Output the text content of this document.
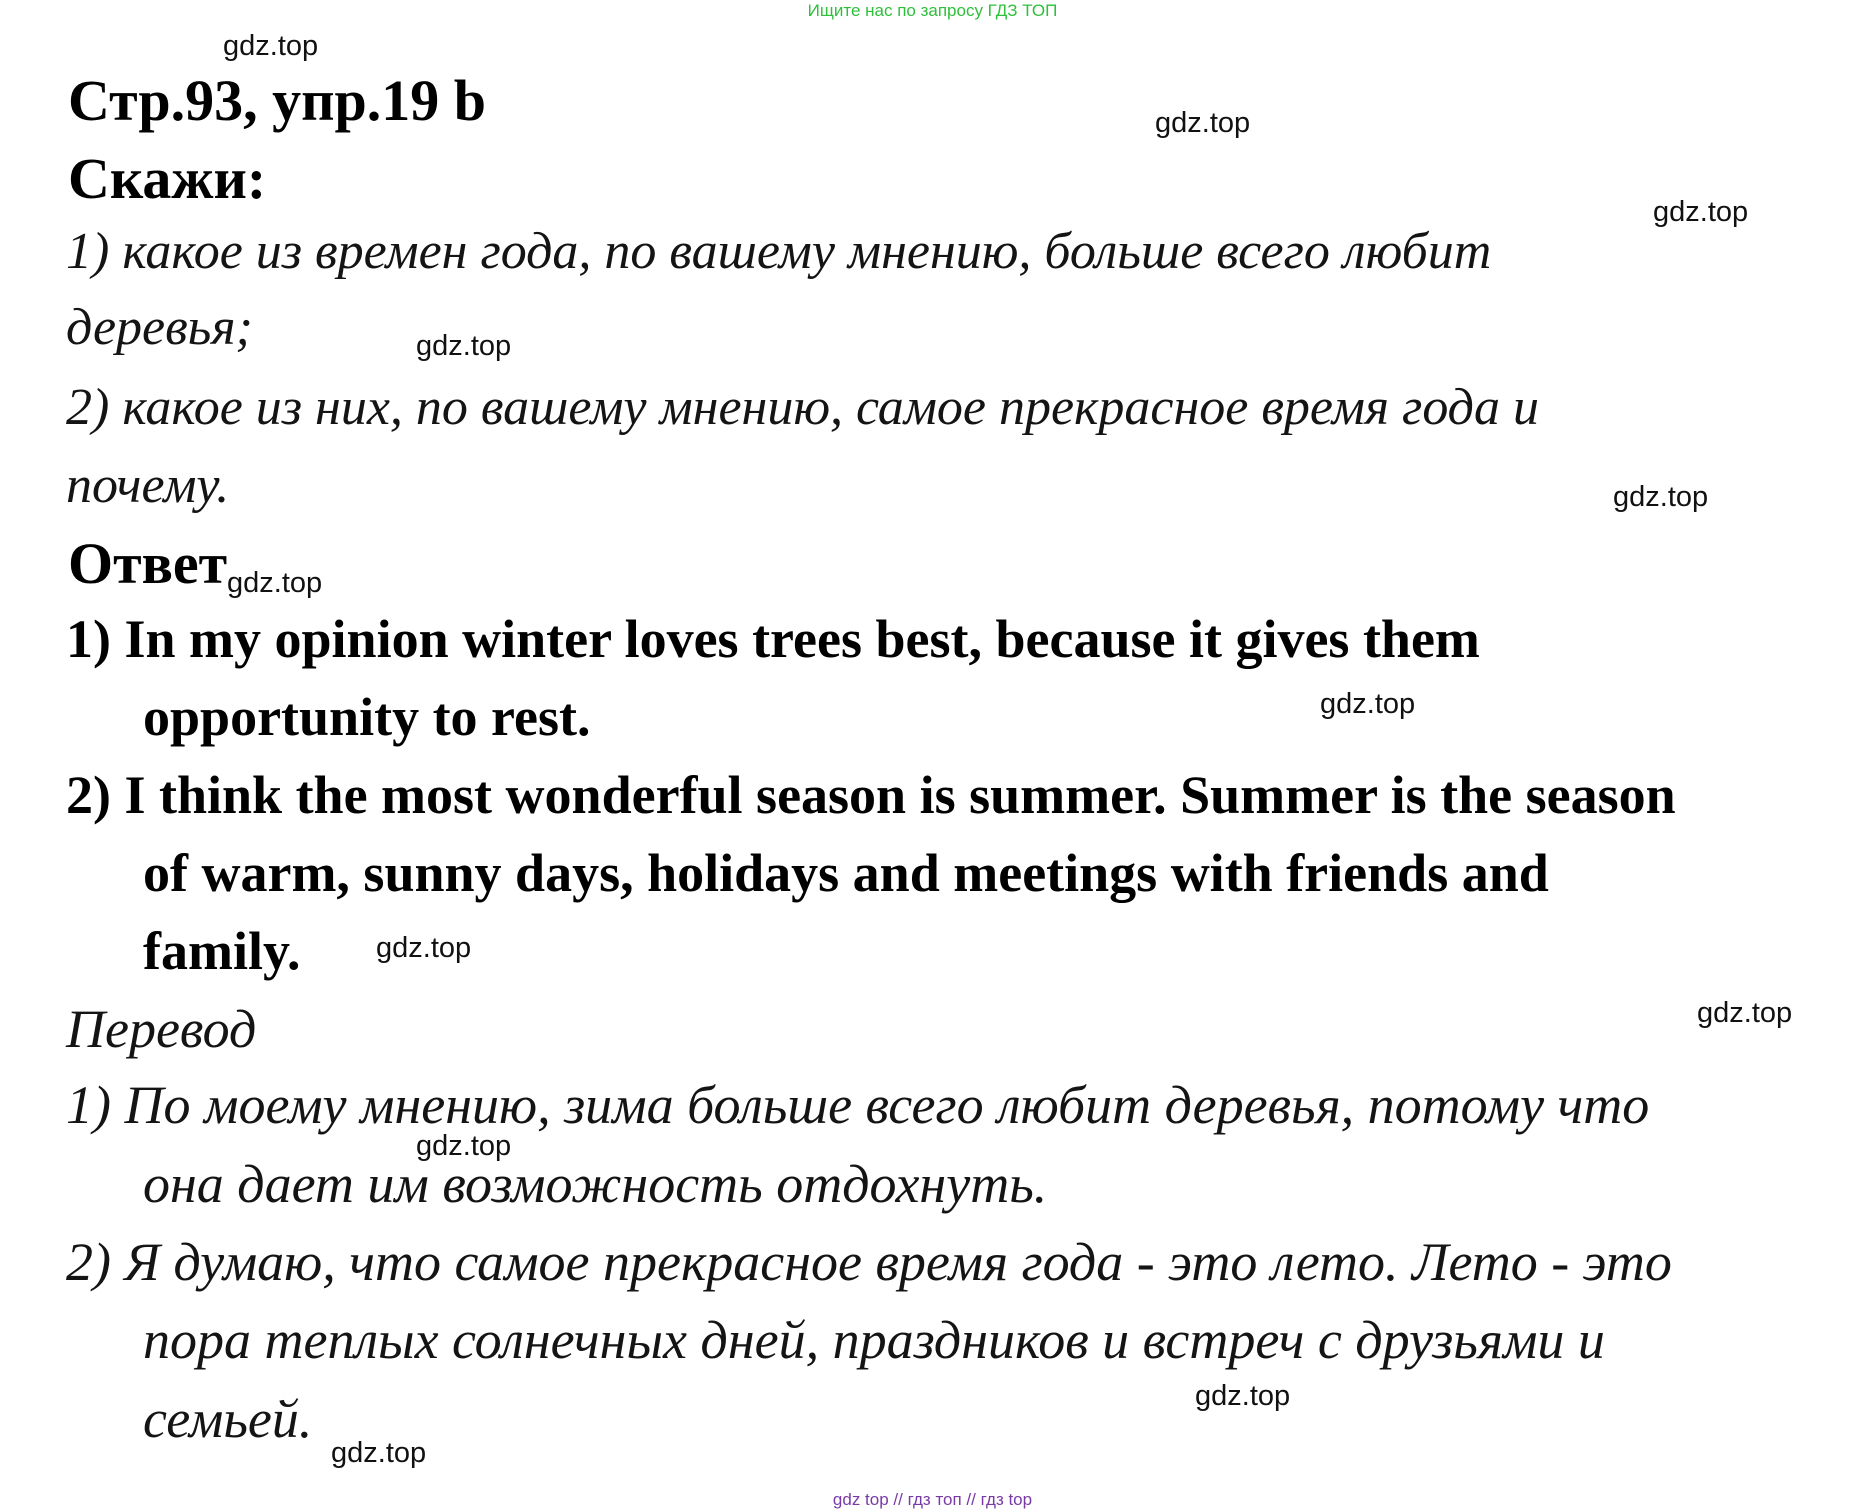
Ищите нас по запросу ГДЗ ТОП
gdz top // гдз топ // гдз top
Стр.93, упр.19 b
Скажи:
1) какое из времен года, по вашему мнению, больше всего любит
деревья;
2) какое из них, по вашему мнению, самое прекрасное время года и
почему.
Ответ
1) In my opinion winter loves trees best, because it gives them
opportunity to rest.
2) I think the most wonderful season is summer. Summer is the season
of warm, sunny days, holidays and meetings with friends and
family.
Перевод
1) По моему мнению, зима больше всего любит деревья, потому что
она дает им возможность отдохнуть.
2) Я думаю, что самое прекрасное время года - это лето. Лето - это
пора теплых солнечных дней, праздников и встреч с друзьями и
семьей.
gdz.top
gdz.top
gdz.top
gdz.top
gdz.top
gdz.top
gdz.top
gdz.top
gdz.top
gdz.top
gdz.top
gdz.top
